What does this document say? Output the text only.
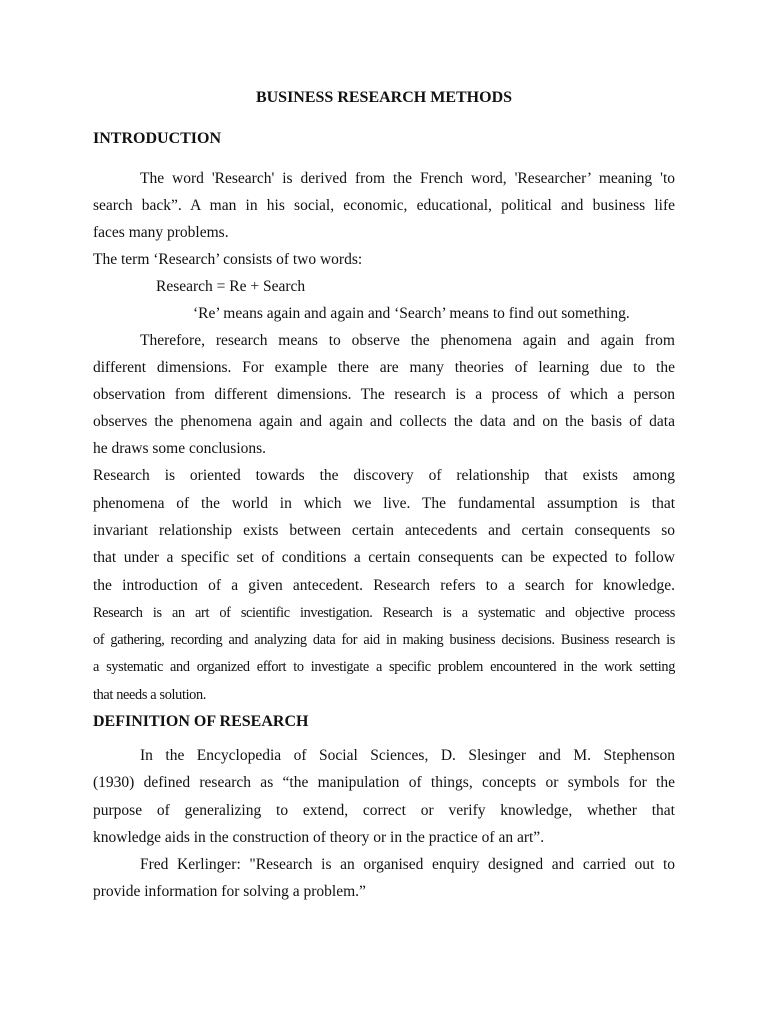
BUSINESS RESEARCH METHODS
INTRODUCTION
The word 'Research' is derived from the French word, 'Researcher’ meaning 'to
search back”. A man in his social, economic, educational, political and business life
faces many problems.
The term ‘Research’ consists of two words:
Research = Re + Search
‘Re’ means again and again and ‘Search’ means to find out something.
Therefore, research means to observe the phenomena again and again from
different dimensions. For example there are many theories of learning due to the
observation from different dimensions. The research is a process of which a person
observes the phenomena again and again and collects the data and on the basis of data
he draws some conclusions.
Research is oriented towards the discovery of relationship that exists among
phenomena of the world in which we live. The fundamental assumption is that
invariant relationship exists between certain antecedents and certain consequents so
that under a specific set of conditions a certain consequents can be expected to follow
the introduction of a given antecedent. Research refers to a search for knowledge.
Research is an art of scientific investigation. Research is a systematic and objective process
of gathering, recording and analyzing data for aid in making business decisions. Business research is
a systematic and organized effort to investigate a specific problem encountered in the work setting
that needs a solution.
DEFINITION OF RESEARCH
In the Encyclopedia of Social Sciences, D. Slesinger and M. Stephenson
(1930) defined research as “the manipulation of things, concepts or symbols for the
purpose of generalizing to extend, correct or verify knowledge, whether that
knowledge aids in the construction of theory or in the practice of an art”.
Fred Kerlinger: "Research is an organised enquiry designed and carried out to
provide information for solving a problem.”
